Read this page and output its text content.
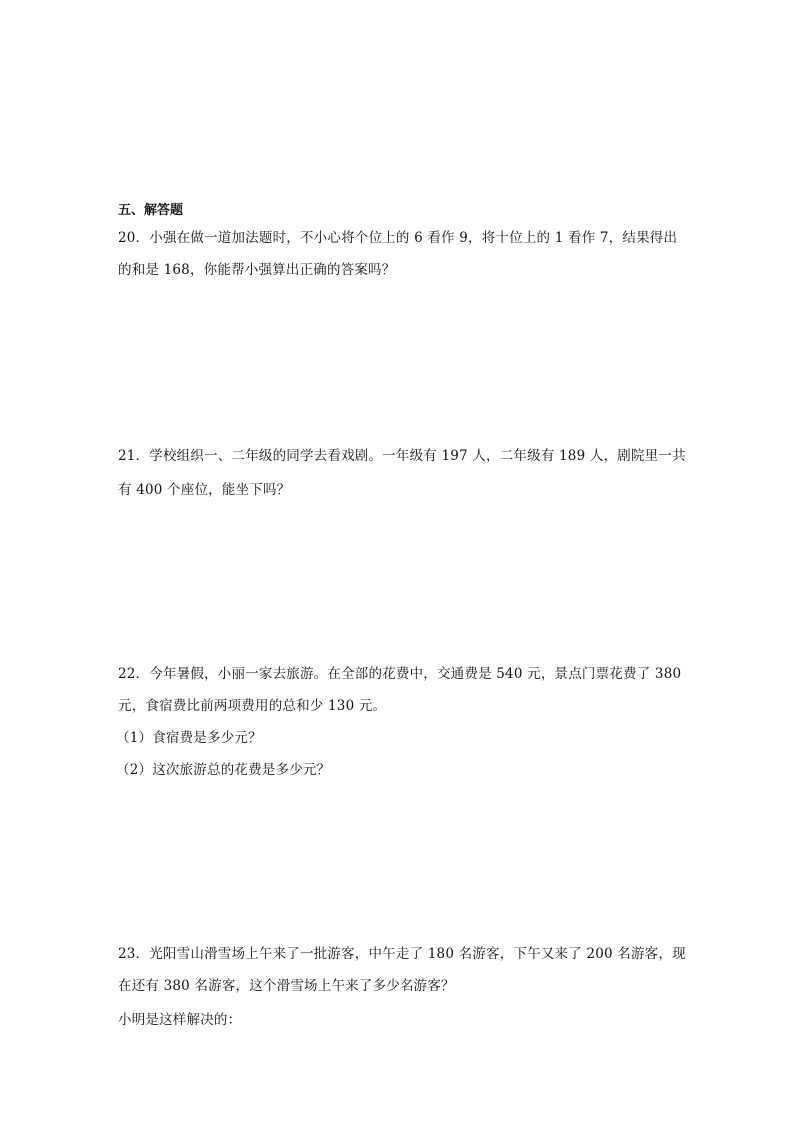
五、解答题
20．小强在做一道加法题时，不小心将个位上的 6 看作 9，将十位上的 1 看作 7，结果得出
的和是 168，你能帮小强算出正确的答案吗？
21．学校组织一、二年级的同学去看戏剧。一年级有 197 人，二年级有 189 人，剧院里一共
有 400 个座位，能坐下吗？
22．今年暑假，小丽一家去旅游。在全部的花费中，交通费是 540 元，景点门票花费了 380
元，食宿费比前两项费用的总和少 130 元。
（1）食宿费是多少元？
（2）这次旅游总的花费是多少元？
23．光阳雪山滑雪场上午来了一批游客，中午走了 180 名游客，下午又来了 200 名游客，现
在还有 380 名游客，这个滑雪场上午来了多少名游客？
小明是这样解决的：
